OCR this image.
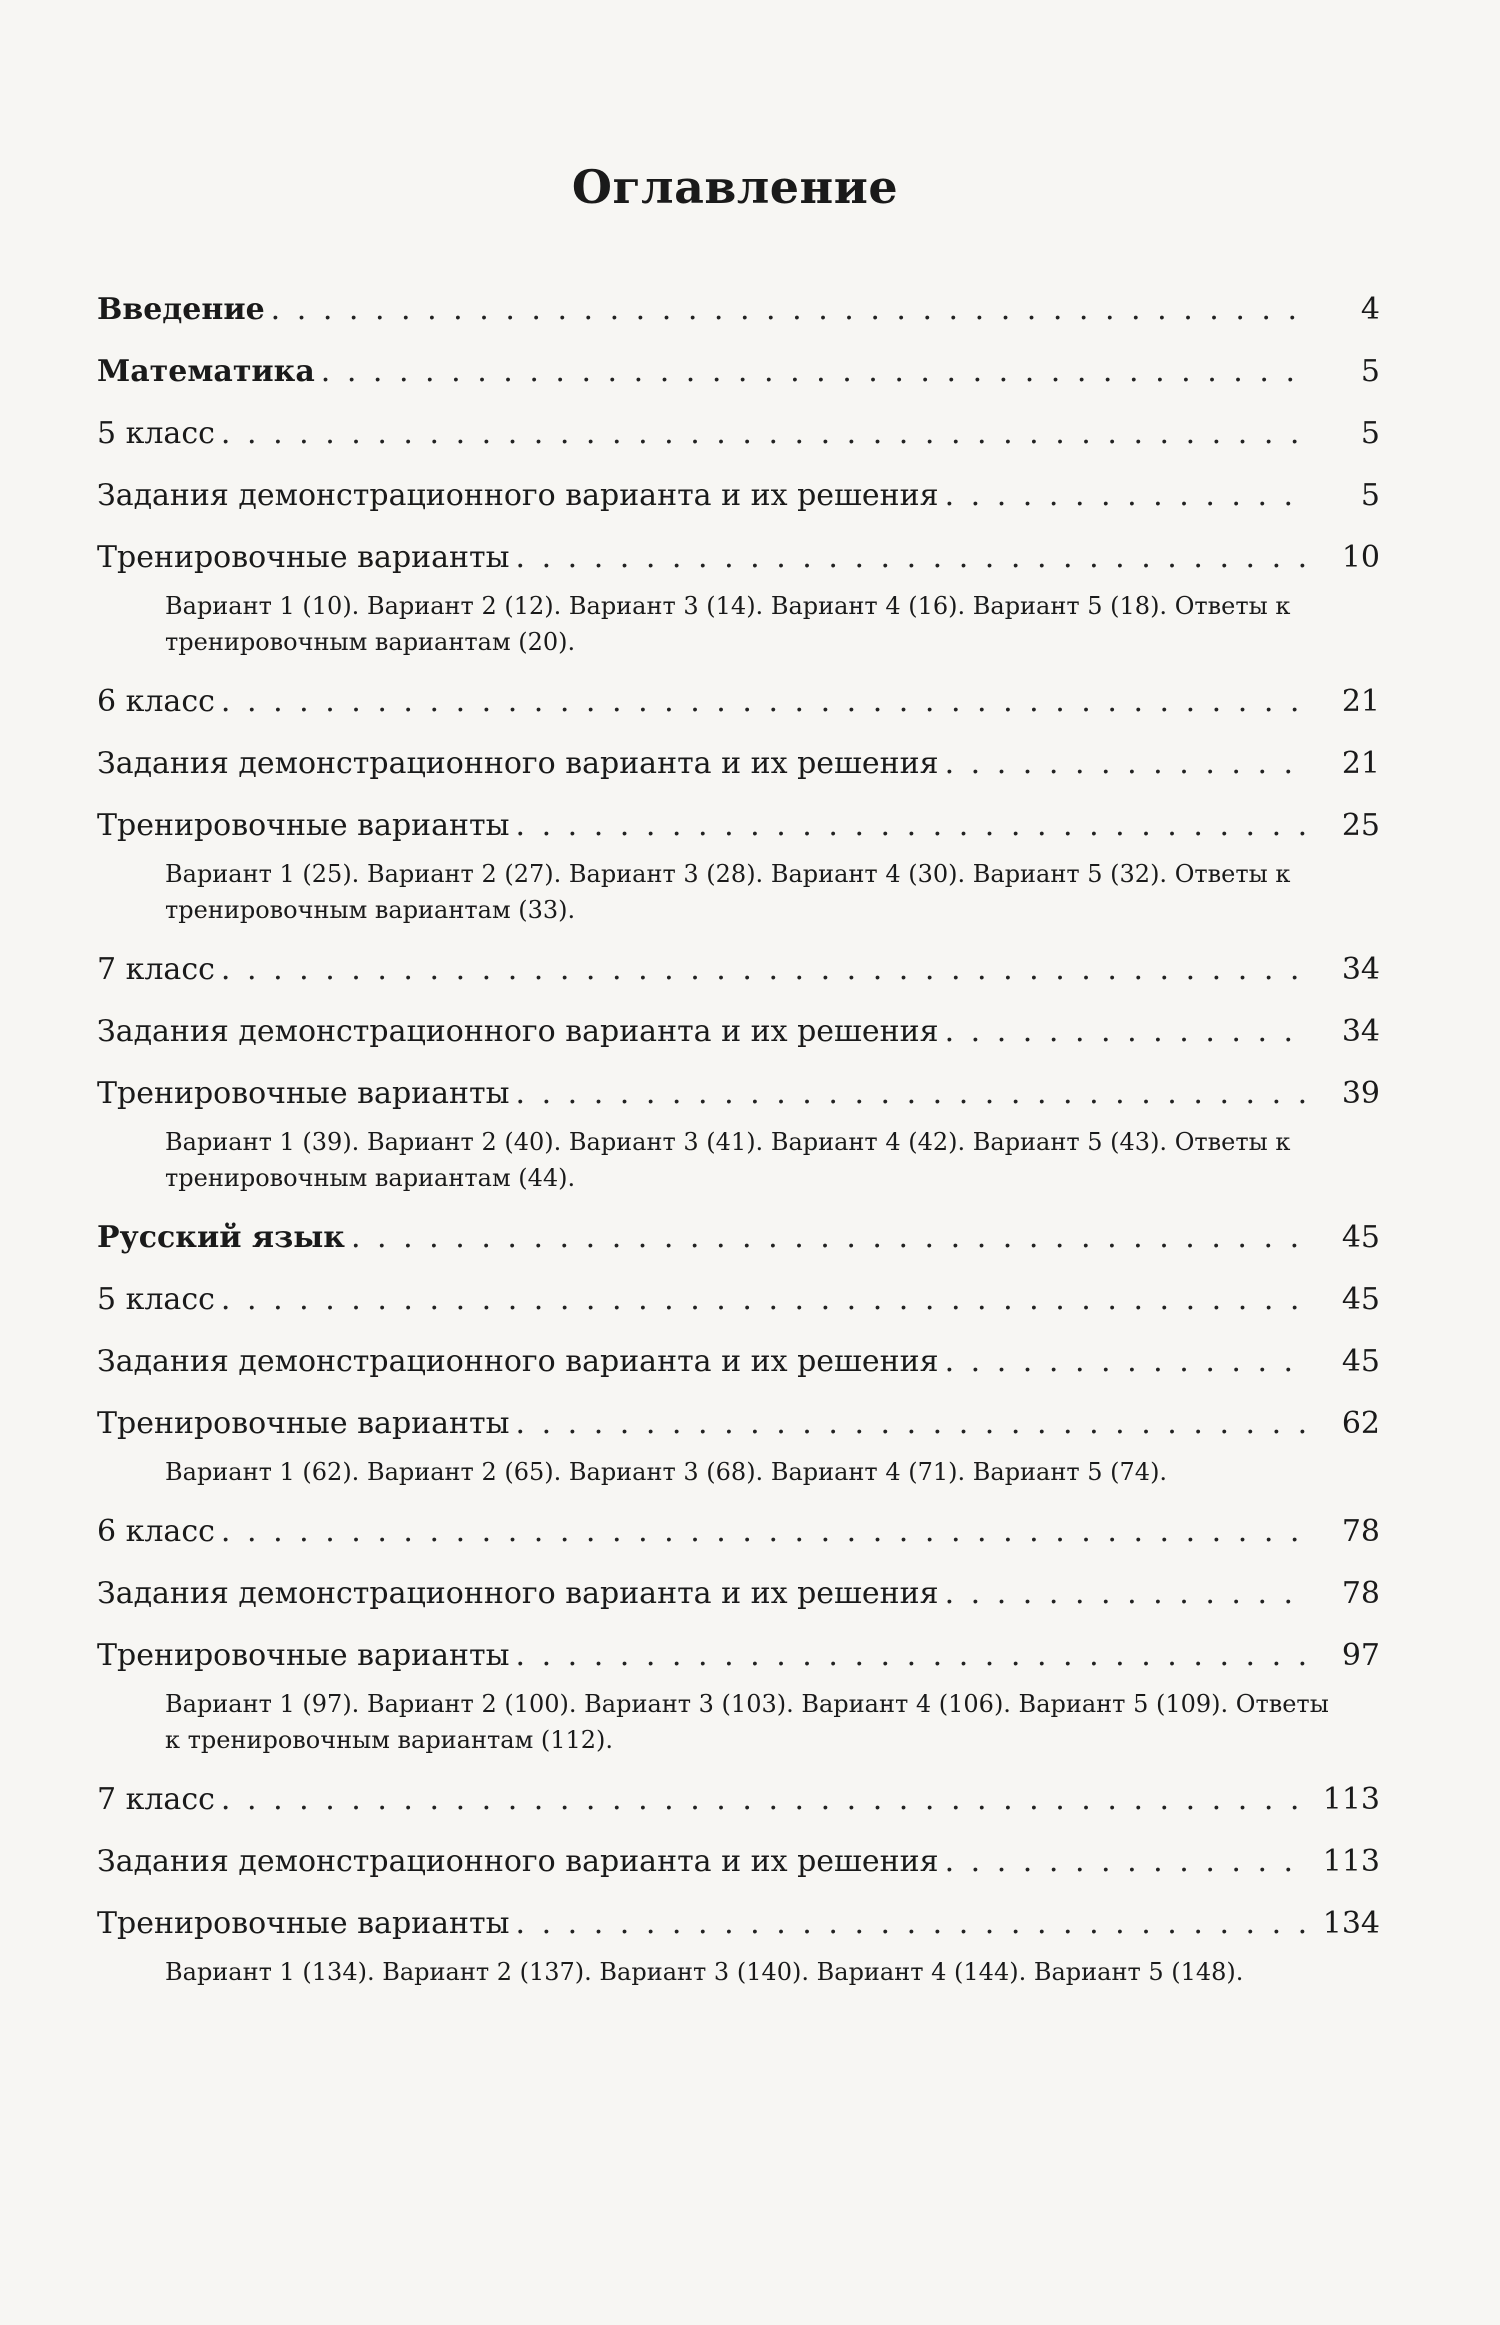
Оглавление
Введение . . .	4
Математика . . .	5
5 класс . . .	5
Задания демонстрационного варианта и их решения . . .	5
Тренировочные варианты . . .	10
Вариант 1 (10). Вариант 2 (12). Вариант 3 (14). Вариант 4 (16). Вариант 5 (18). Ответы к тренировочным вариантам (20).
6 класс . . .	21
Задания демонстрационного варианта и их решения . . .	21
Тренировочные варианты . . .	25
Вариант 1 (25). Вариант 2 (27). Вариант 3 (28). Вариант 4 (30). Вариант 5 (32). Ответы к тренировочным вариантам (33).
7 класс . . .	34
Задания демонстрационного варианта и их решения . . .	34
Тренировочные варианты . . .	39
Вариант 1 (39). Вариант 2 (40). Вариант 3 (41). Вариант 4 (42). Вариант 5 (43). Ответы к тренировочным вариантам (44).
Русский язык . . .	45
5 класс . . .	45
Задания демонстрационного варианта и их решения . . .	45
Тренировочные варианты . . .	62
Вариант 1 (62). Вариант 2 (65). Вариант 3 (68). Вариант 4 (71). Вариант 5 (74).
6 класс . . .	78
Задания демонстрационного варианта и их решения . . .	78
Тренировочные варианты . . .	97
Вариант 1 (97). Вариант 2 (100). Вариант 3 (103). Вариант 4 (106). Вариант 5 (109). Ответы к тренировочным вариантам (112).
7 класс . . .	113
Задания демонстрационного варианта и их решения . . .	113
Тренировочные варианты . . .	134
Вариант 1 (134). Вариант 2 (137). Вариант 3 (140). Вариант 4 (144). Вариант 5 (148).
